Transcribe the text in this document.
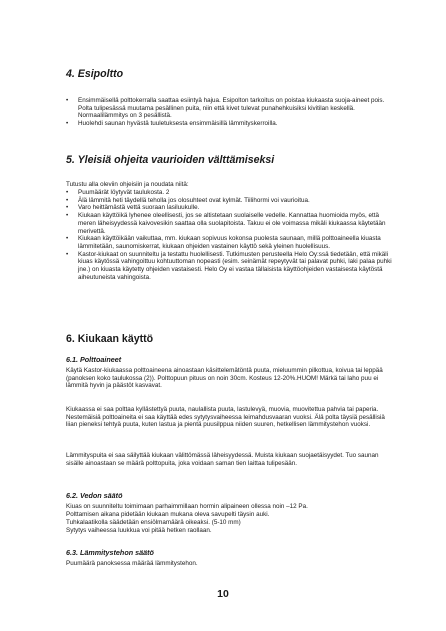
4. Esipoltto
• Ensimmäisellä polttokerralla saattaa esiintyä hajua. Esipolton tarkoitus on poistaa kiukaasta suoja-aineet pois. Polta tulipesässä muutama pesällinen puita, niin että kivet tulevat punahehkuisiksi kivitilan keskellä. Normaalilämmitys on 3 pesällistä.
• Huolehdi saunan hyvästä tuuletuksesta ensimmäisillä lämmityskerroilla.
5. Yleisiä ohjeita vaurioiden välttämiseksi

Tutustu alla oleviin ohjeisiin ja noudata niitä:

• Puumäärät löytyvät taulukosta. 2
• Älä lämmitä heti täydellä teholla jos olosuhteet ovat kylmät. Tiilihormi voi vaurioitua.
• Varo heittämästä vettä suoraan lasiluukulle.
• Kiukaan käyttöikä lyhenee oleellisesti, jos se altistetaan suolaiselle vedelle. Kannattaa huomioida myös, että meren läheisyydessä kaivovesikin saattaa olla suolapitoista. Takuu ei ole voimassa mikäli kiukaassa käytetään merivettä.
• Kiukaan käyttöikään vaikuttaa, mm. kiukaan sopivuus kokonsa puolesta saunaan, millä polttoaineella kiuasta lämmitetään, saunomiskerrat, kiukaan ohjeiden vastainen käyttö sekä yleinen huolellisuus.
• Kastor-kiukaat on suunniteltu ja testattu huolellisesti. Tutkimusten perusteella Helo Oy:ssä tiedetään, että mikäli kiuas käytössä vahingoittuu kohtuuttoman nopeasti (esim. seinämät repeytyvät tai palavat puhki, laki palaa puhki jne.) on kiuasta käytetty ohjeiden vastaisesti. Helo Oy ei vastaa tällaisista käyttöohjeiden vastaisesta käytöstä aiheutuneista vahingoista.
6. Kiukaan käyttö
6.1. Polttoaineet

Käytä Kastor-kiukaassa polttoaineena ainoastaan käsittelemätöntä puuta, mieluummin pilkottua, koivua tai leppää (panoksen koko taulukossa (2)). Polttopuun pituus on noin 30cm. Kosteus 12-20%.HUOM! Märkä tai laho puu ei lämmitä hyvin ja päästöt kasvavat.

Kiukaassa ei saa polttaa kyllästettyä puuta, naulallista puuta, lastulevyä, muovia, muovitettua pahvia tai paperia. Nestemäisiä polttoaineita ei saa käyttää edes sytytysvaiheessa leimahdusvaaran vuoksi. Älä polta täysiä pesällisiä liian pieneksi tehtyä puuta, kuten lastua ja pientä puusilppua niiden suuren, hetkellisen lämmitystehon vuoksi.

Lämmityspuita ei saa säilyttää kiukaan välittömässä läheisyydessä. Muista kiukaan suojaetäisyydet. Tuo saunan sisälle ainoastaan se määrä polttopuita, joka voidaan saman tien laittaa tulipesään.

6.2. Vedon säätö

Kiuas on suunniteltu toimimaan parhaimmillaan hormin alipaineen ollessa noin –12 Pa.

Polttamisen aikana pidetään kiukaan mukana oleva savupelti täysin auki.

Tuhkalaatikolla säädetään ensiölmamäärä oikeaksi. (5-10 mm)

Sytytys vaiheessa luukkua voi pitää hetken raollaan.

6.3. Lämmitystehon säätö

Puumäärä panoksessa määrää lämmitystehon.

10
